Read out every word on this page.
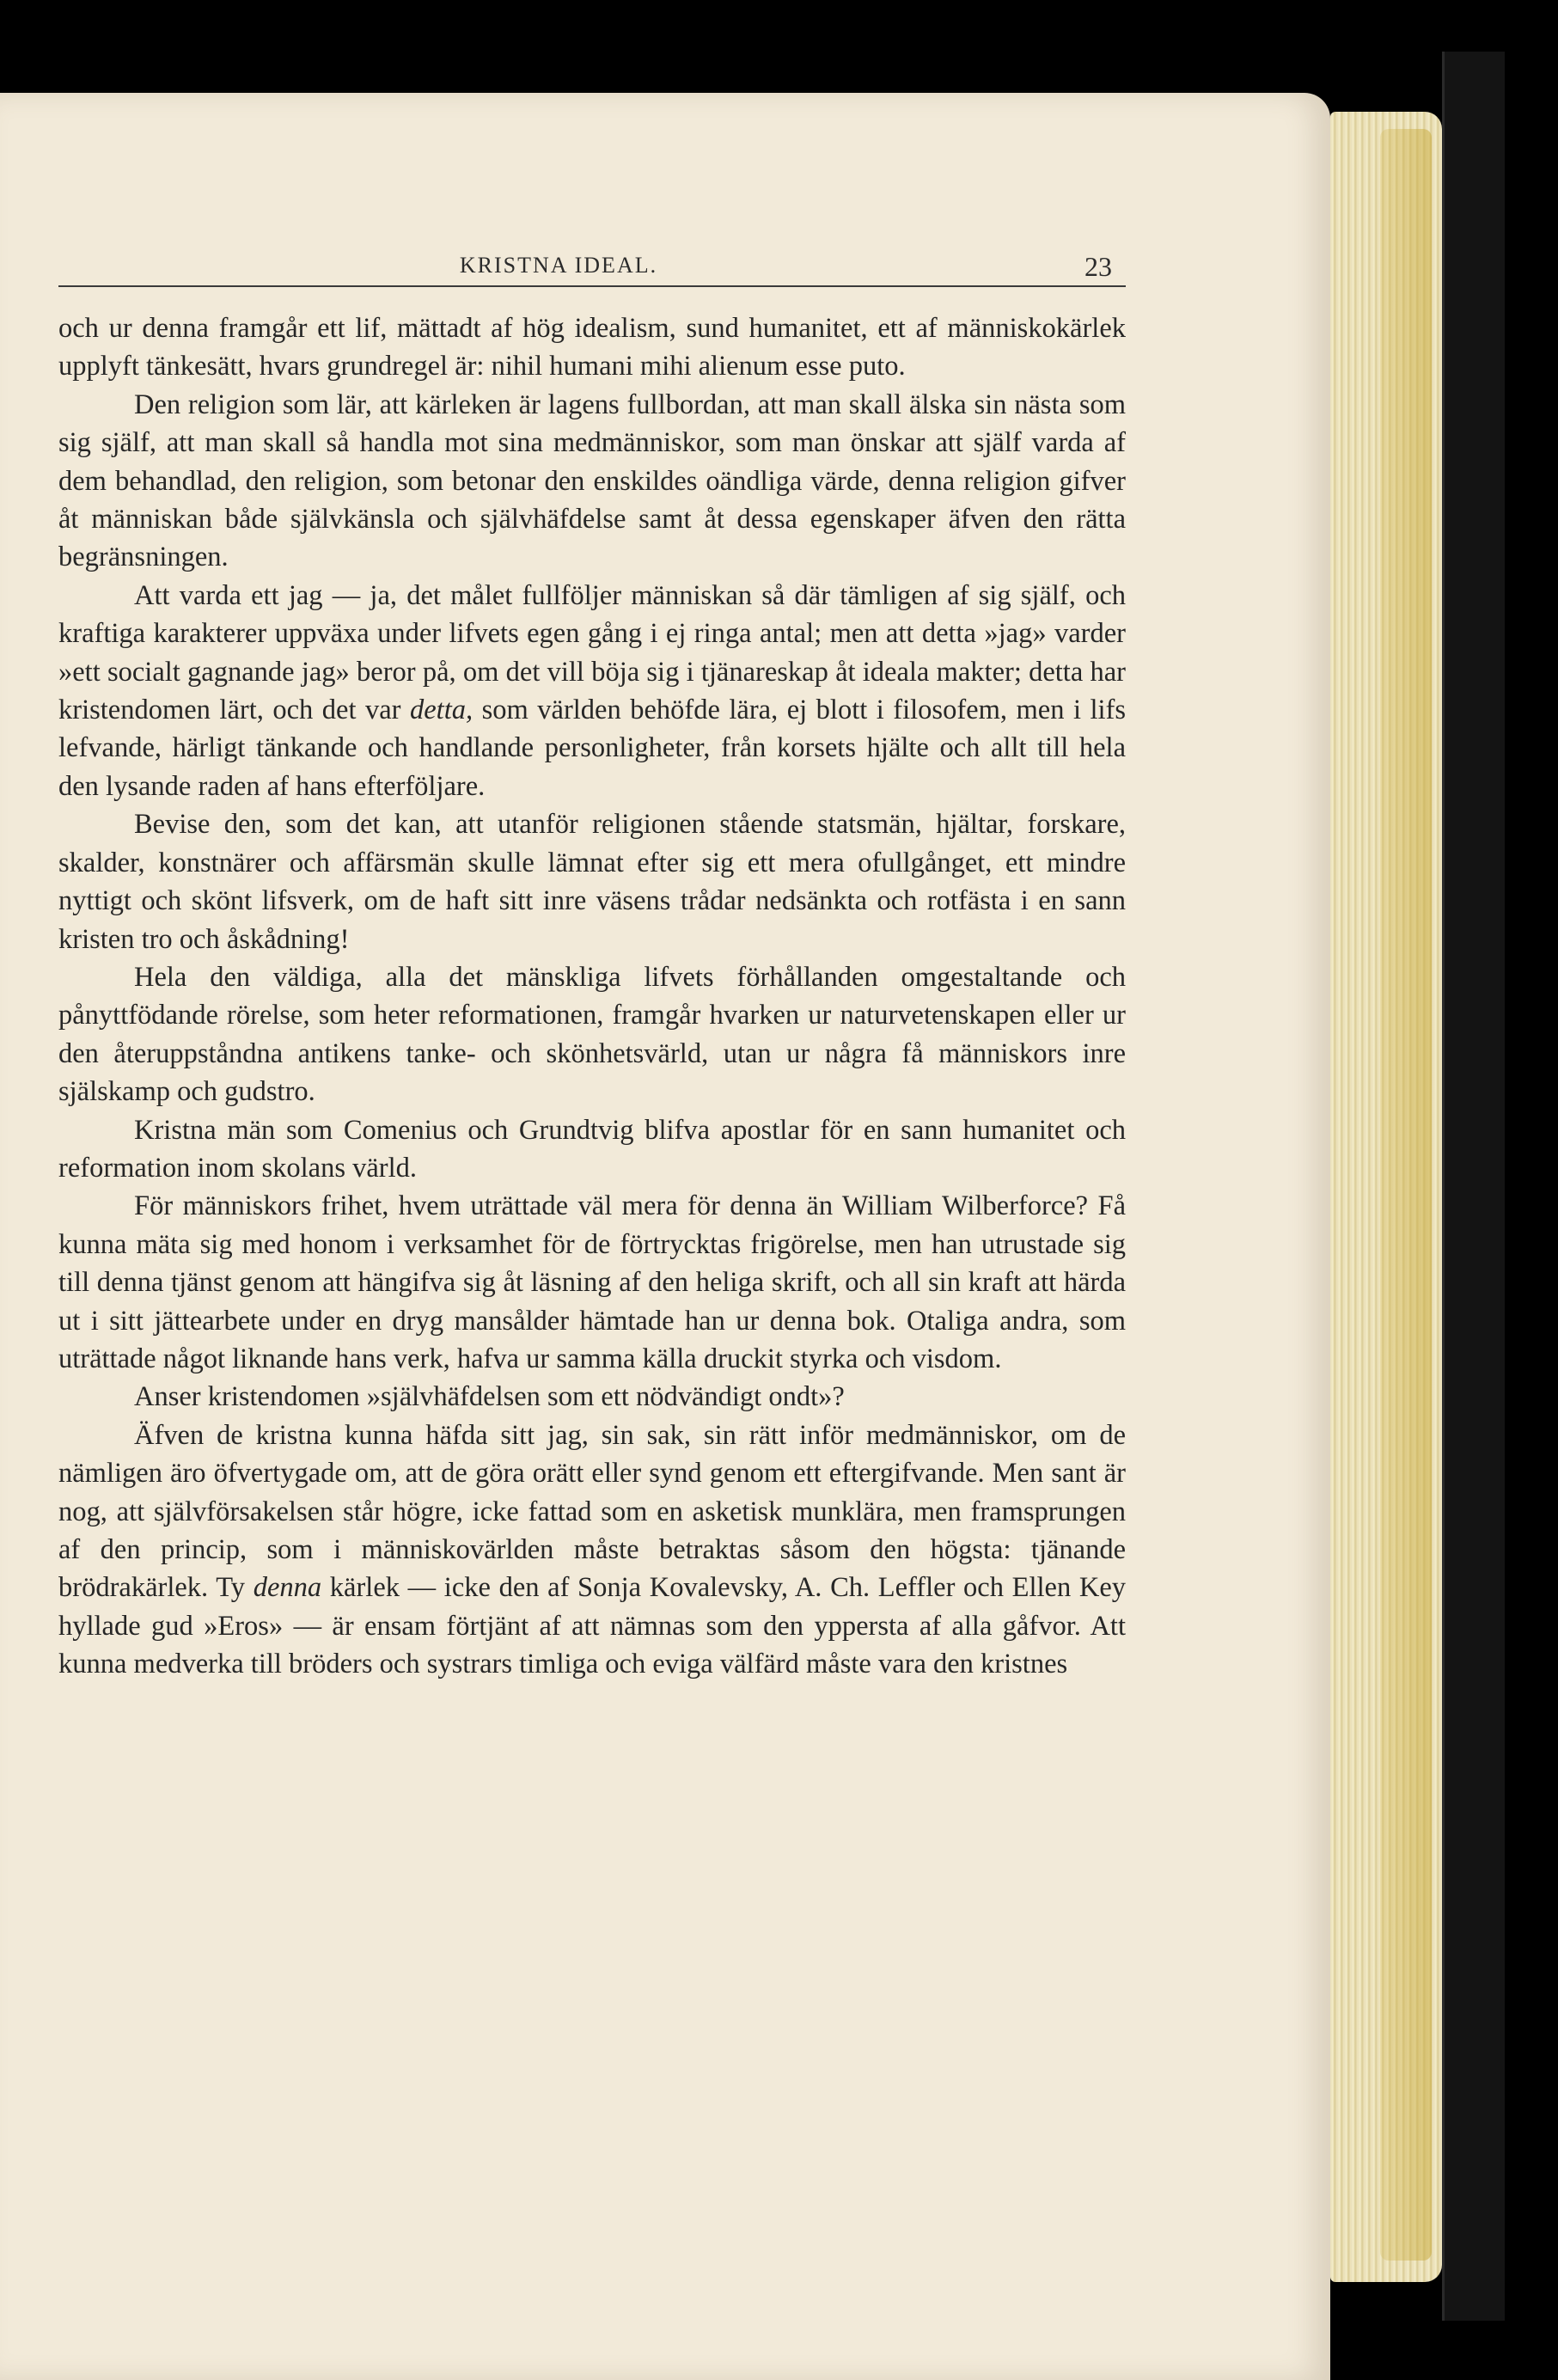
KRISTNA IDEAL.	23

och ur denna framgår ett lif, mättadt af hög idealism, sund humanitet, ett af människokärlek upplyft tänkesätt, hvars grundregel är: nihil humani mihi alienum esse puto.

Den religion som lär, att kärleken är lagens fullbordan, att man skall älska sin nästa som sig själf, att man skall så handla mot sina medmänniskor, som man önskar att själf varda af dem behandlad, den religion, som betonar den enskildes oändliga värde, denna religion gifver åt människan både självkänsla och självhäfdelse samt åt dessa egenskaper äfven den rätta begränsningen.

Att varda ett jag — ja, det målet fullföljer människan så där tämligen af sig själf, och kraftiga karakterer uppväxa under lifvets egen gång i ej ringa antal; men att detta »jag» varder »ett socialt gagnande jag» beror på, om det vill böja sig i tjänareskap åt ideala makter; detta har kristendomen lärt, och det var detta, som världen behöfde lära, ej blott i filosofem, men i lifs lefvande, härligt tänkande och handlande personligheter, från korsets hjälte och allt till hela den lysande raden af hans efterföljare.

Bevise den, som det kan, att utanför religionen stående statsmän, hjältar, forskare, skalder, konstnärer och affärsmän skulle lämnat efter sig ett mera ofullgånget, ett mindre nyttigt och skönt lifsverk, om de haft sitt inre väsens trådar nedsänkta och rotfästa i en sann kristen tro och åskådning!

Hela den väldiga, alla det mänskliga lifvets förhållanden omgestaltande och pånyttfödande rörelse, som heter reformationen, framgår hvarken ur naturvetenskapen eller ur den återuppståndna antikens tanke- och skönhetsvärld, utan ur några få människors inre själskamp och gudstro.

Kristna män som Comenius och Grundtvig blifva apostlar för en sann humanitet och reformation inom skolans värld.

För människors frihet, hvem uträttade väl mera för denna än William Wilberforce? Få kunna mäta sig med honom i verksamhet för de förtrycktas frigörelse, men han utrustade sig till denna tjänst genom att hängifva sig åt läsning af den heliga skrift, och all sin kraft att härda ut i sitt jättearbete under en dryg mansålder hämtade han ur denna bok. Otaliga andra, som uträttade något liknande hans verk, hafva ur samma källa druckit styrka och visdom.

Anser kristendomen »självhäfdelsen som ett nödvändigt ondt»?

Äfven de kristna kunna häfda sitt jag, sin sak, sin rätt inför medmänniskor, om de nämligen äro öfvertygade om, att de göra orätt eller synd genom ett eftergifvande. Men sant är nog, att självförsakelsen står högre, icke fattad som en asketisk munklära, men framsprungen af den princip, som i människovärlden måste betraktas såsom den högsta: tjänande brödrakärlek. Ty denna kärlek — icke den af Sonja Kovalevsky, A. Ch. Leffler och Ellen Key hyllade gud »Eros» — är ensam förtjänt af att nämnas som den yppersta af alla gåfvor. Att kunna medverka till bröders och systrars timliga och eviga välfärd måste vara den kristnes
